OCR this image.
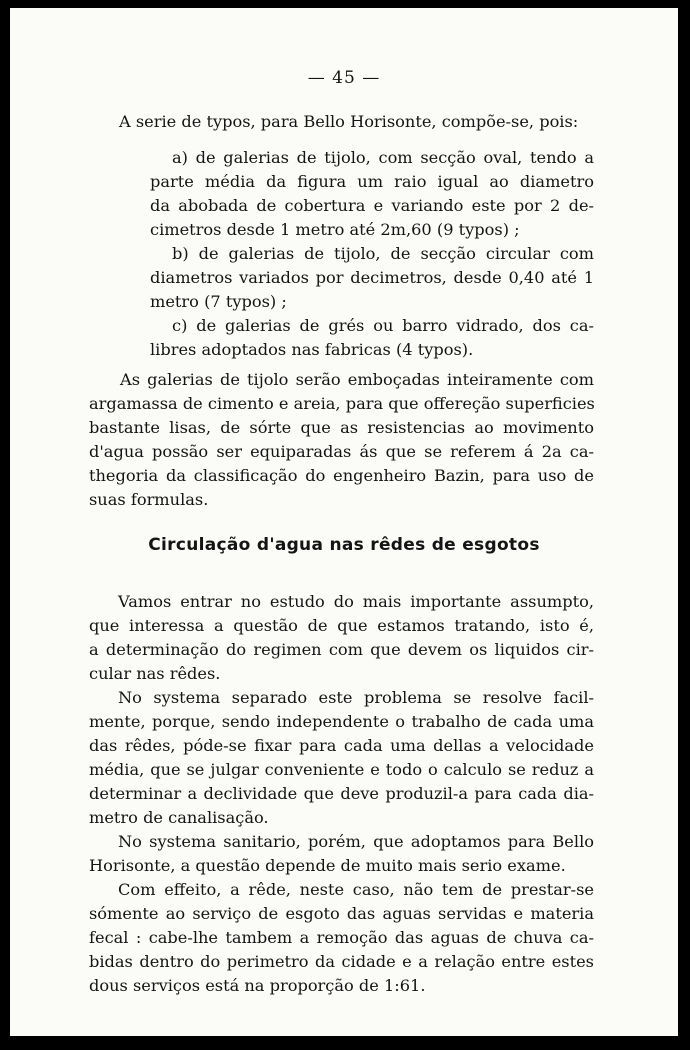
— 45 —
A serie de typos, para Bello Horisonte, compõe-se, pois:
a) de galerias de tijolo, com secção oval, tendo a
parte média da figura um raio igual ao diametro
da abobada de cobertura e variando este por 2 de-
cimetros desde 1 metro até 2m,60 (9 typos) ;
b) de galerias de tijolo, de secção circular com
diametros variados por decimetros, desde 0,40 até 1
metro (7 typos) ;
c) de galerias de grés ou barro vidrado, dos ca-
libres adoptados nas fabricas (4 typos).
As galerias de tijolo serão emboçadas inteiramente com
argamassa de cimento e areia, para que offereção superficies
bastante lisas, de sórte que as resistencias ao movimento
d'agua possão ser equiparadas ás que se referem á 2a ca-
thegoria da classificação do engenheiro Bazin, para uso de
suas formulas.
Circulação d'agua nas rêdes de esgotos
Vamos entrar no estudo do mais importante assumpto,
que interessa a questão de que estamos tratando, isto é,
a determinação do regimen com que devem os liquidos cir-
cular nas rêdes.
No systema separado este problema se resolve facil-
mente, porque, sendo independente o trabalho de cada uma
das rêdes, póde-se fixar para cada uma dellas a velocidade
média, que se julgar conveniente e todo o calculo se reduz a
determinar a declividade que deve produzil-a para cada dia-
metro de canalisação.
No systema sanitario, porém, que adoptamos para Bello
Horisonte, a questão depende de muito mais serio exame.
Com effeito, a rêde, neste caso, não tem de prestar-se
sómente ao serviço de esgoto das aguas servidas e materia
fecal : cabe-lhe tambem a remoção das aguas de chuva ca-
bidas dentro do perimetro da cidade e a relação entre estes
dous serviços está na proporção de 1:61.
